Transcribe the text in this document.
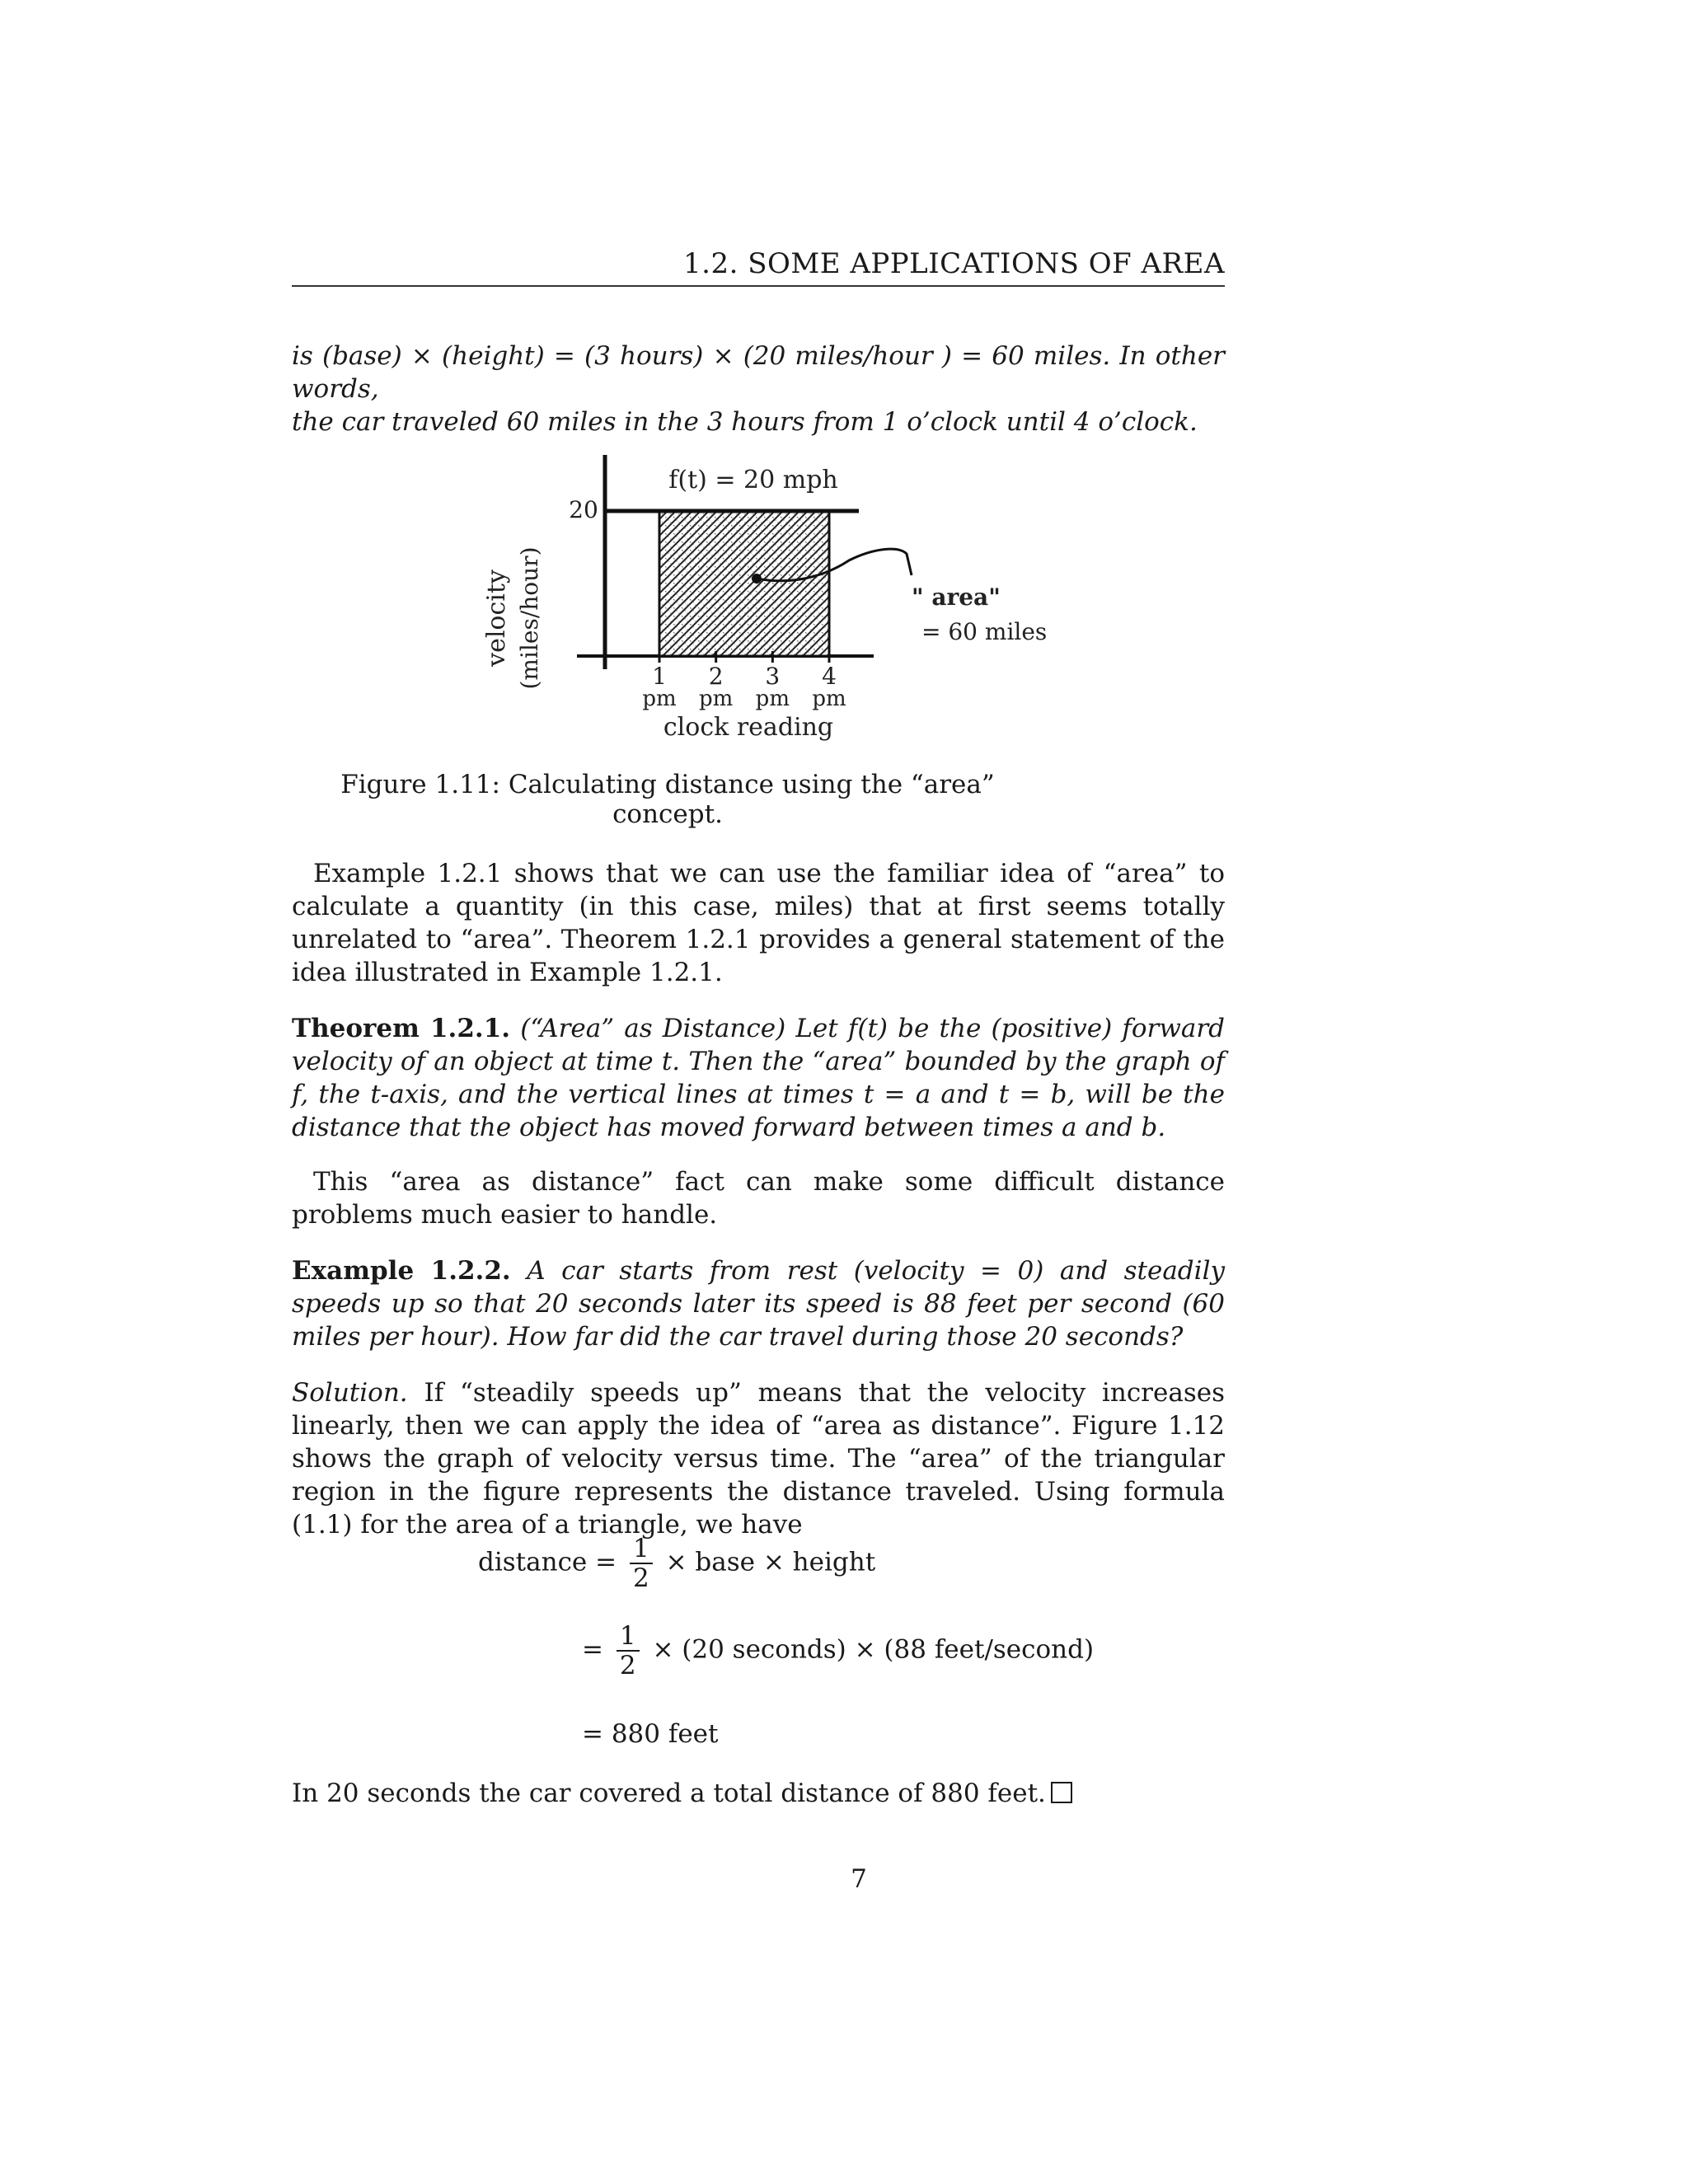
1.2. SOME APPLICATIONS OF AREA
is (base) × (height) = (3 hours) × (20 miles/hour ) = 60 miles. In other words,
the car traveled 60 miles in the 3 hours from 1 o’clock until 4 o’clock.
velocity (miles/hour)
20
f(t) = 20 mph
" area"
= 60 miles
1
pm
2
pm
3
pm
4
pm
clock reading
Figure 1.11: Calculating distance using the “area” concept.
Example 1.2.1 shows that we can use the familiar idea of “area” to calculate a quantity (in this case, miles) that at first seems totally unrelated to “area”. Theorem 1.2.1 provides a general statement of the idea illustrated in Example 1.2.1.
Theorem 1.2.1. (“Area” as Distance) Let f(t) be the (positive) forward velocity of an object at time t. Then the “area” bounded by the graph of f, the t-axis, and the vertical lines at times t = a and t = b, will be the distance that the object has moved forward between times a and b.
This “area as distance” fact can make some difficult distance problems much easier to handle.
Example 1.2.2. A car starts from rest (velocity = 0) and steadily speeds up so that 20 seconds later its speed is 88 feet per second (60 miles per hour). How far did the car travel during those 20 seconds?
Solution. If “steadily speeds up” means that the velocity increases linearly, then we can apply the idea of “area as distance”. Figure 1.12 shows the graph of velocity versus time. The “area” of the triangular region in the figure represents the distance traveled. Using formula (1.1) for the area of a triangle, we have
distance = $\frac{1}{2}$ × base × height
= $\frac{1}{2} \times (20$ seconds) × (88 feet/second)
= 880 feet
In 20 seconds the car covered a total distance of 880 feet.
7
